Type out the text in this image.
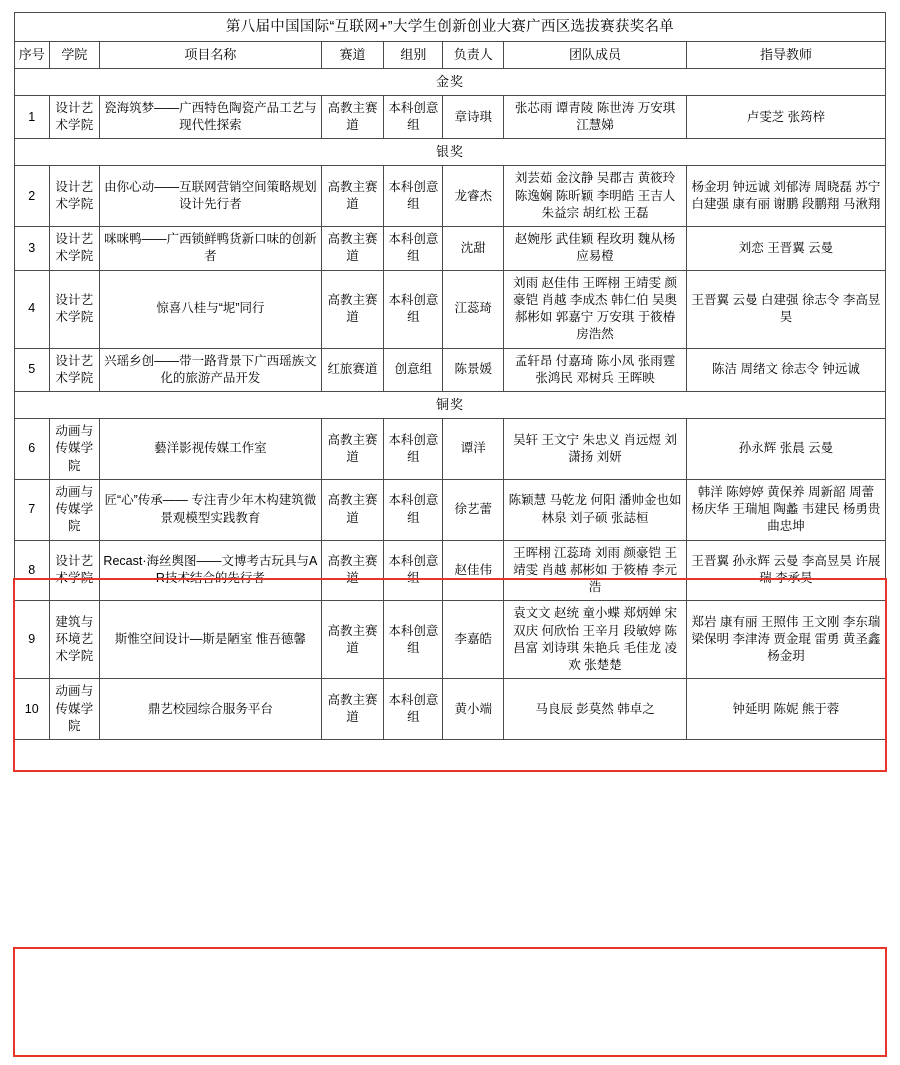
第八届中国国际“互联网+”大学生创新创业大赛广西区选拔赛获奖名单							
序号	学院	项目名称	赛道	组别	负责人	团队成员	指导教师
金奖							
1	设计艺术学院	瓷海筑梦——广西特色陶瓷产品工艺与现代性探索	高教主赛道	本科创意组	章诗琪	张芯雨 谭青陵 陈世涛 万安琪 江慧娣	卢雯芝 张筠梓
银奖							
2	设计艺术学院	由你心动——互联网营销空间策略规划设计先行者	高教主赛道	本科创意组	龙睿杰	刘芸茹 金汶静 吴郡吉 黄筱玲 陈逸娴 陈昕颖 李明皓 王吉人 朱益宗 胡红松 王磊	杨金玥 钟远诚 刘郁涛 周晓磊 苏宁 白建强 康有丽 谢鹏 段鹏翔 马湫翔
3	设计艺术学院	咪咪鸭——广西锁鲜鸭货新口味的创新者	高教主赛道	本科创意组	沈甜	赵婉彤 武佳颖 程玫玥 魏从杨 应易橙	刘恋 王晋翼 云曼
4	设计艺术学院	惊喜八桂与“坭”同行	高教主赛道	本科创意组	江蕊琦	刘雨 赵佳伟 王晖栩 王靖雯 颜豪铠 肖越 李成杰 韩仁伯 吴奥 郝彬如 郭嘉宁 万安琪 于筱椿 房浩然	王晋翼 云曼 白建强 徐志令 李高昱昊
5	设计艺术学院	兴瑶乡创——带一路背景下广西瑶族文化的旅游产品开发	红旅赛道	创意组	陈景媛	孟轩昂 付嘉琦 陈小凤 张雨霆 张鸿民 邓树兵 王晖映	陈洁 周绪文 徐志令 钟远诚
铜奖							
6	动画与传媒学院	藝洋影视传媒工作室	高教主赛道	本科创意组	谭洋	吴轩 王文宁 朱忠义 肖远煜 刘潇扬 刘妍	孙永辉 张晨 云曼
7	动画与传媒学院	匠“心”传承—— 专注青少年木构建筑微景观模型实践教育	高教主赛道	本科创意组	徐艺蕾	陈颖慧 马乾龙 何阳 潘帅金也如 林泉 刘子硕 张誌桓	韩洋 陈婷婷 黄保养 周新韶 周蕾 杨庆华 王瑞旭 陶蠡 韦建民 杨勇贵 曲忠坤
8	设计艺术学院	Recast·海丝舆图——文博考古玩具与AR技术结合的先行者	高教主赛道	本科创意组	赵佳伟	王晖栩 江蕊琦 刘雨 颜豪铠 王靖雯 肖越 郝彬如 于筱椿 李元浩	王晋翼 孙永辉 云曼 李高昱昊 许展瑞 李承昊
9	建筑与环境艺术学院	斯惟空间设计—斯是陋室 惟吾德馨	高教主赛道	本科创意组	李嘉皓	袁文文 赵统 童小蝶 郑炳婵 宋双庆 何欣怡 王辛月 段敏婷 陈昌富 刘诗琪 朱艳兵 毛佳龙 凌欢 张楚楚	郑岩 康有丽 王照伟 王文刚 李东瑞 梁保明 李津涛 贾金琨 雷勇 黄圣鑫 杨金玥
10	动画与传媒学院	鼎艺校园综合服务平台	高教主赛道	本科创意组	黄小端	马良辰 彭莫然 韩卓之	钟延明 陈妮 熊于蓉
